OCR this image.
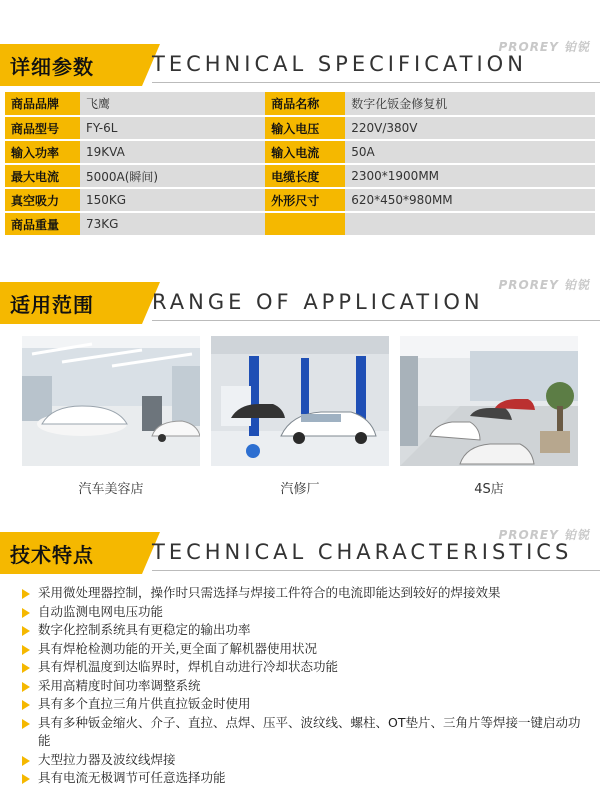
详细参数	TECHNICAL SPECIFICATION
PROREY 铂锐
商品品牌	飞鹰	商品名称	数字化钣金修复机
商品型号	FY-6L	输入电压	220V/380V
输入功率	19KVA	输入电流	50A
最大电流	5000A(瞬间)	电缆长度	2300*1900MM
真空吸力	150KG	外形尺寸	620*450*980MM
商品重量	73KG		
适用范围	RANGE OF APPLICATION
PROREY 铂锐
汽车美容店	汽修厂	4S店
技术特点	TECHNICAL CHARACTERISTICS
PROREY 铂锐
采用微处理器控制，操作时只需选择与焊接工件符合的电流即能达到较好的焊接效果
自动监测电网电压功能
数字化控制系统具有更稳定的输出功率
具有焊枪检测功能的开关,更全面了解机器使用状况
具有焊机温度到达临界时，焊机自动进行冷却状态功能
采用高精度时间功率调整系统
具有多个直拉三角片供直拉钣金时使用
具有多种钣金缩火、介子、直拉、点焊、压平、波纹线、螺柱、OT垫片、三角片等焊接一键启动功能
大型拉力器及波纹线焊接
具有电流无极调节可任意选择功能
